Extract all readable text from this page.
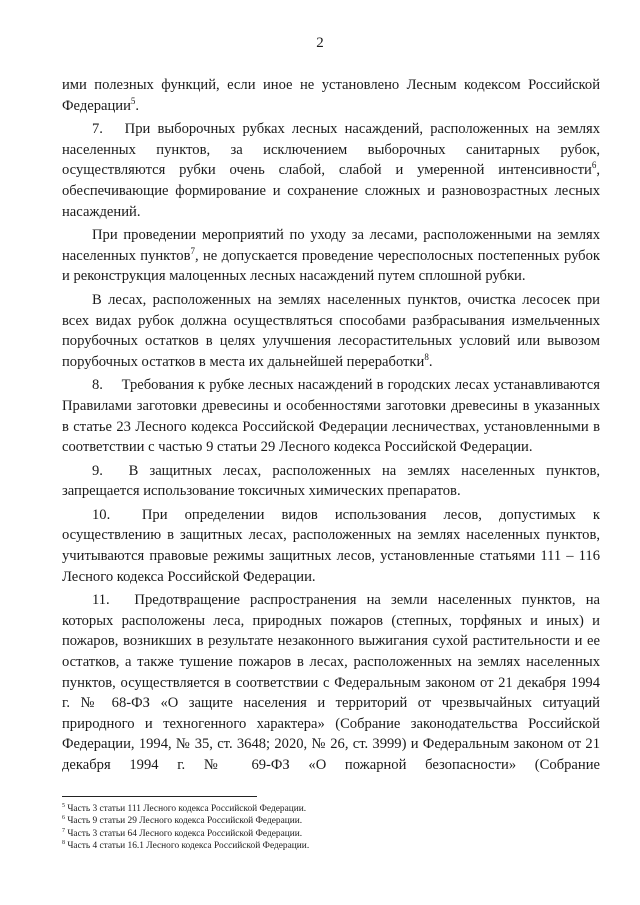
2

ими полезных функций, если иное не установлено Лесным кодексом Российской Федерации$^5$.

7.  При выборочных рубках лесных насаждений, расположенных на землях населенных пунктов, за исключением выборочных санитарных рубок, осуществляются рубки очень слабой, слабой и умеренной интенсивности$^6$, обеспечивающие формирование и сохранение сложных и разновозрастных лесных насаждений.

При проведении мероприятий по уходу за лесами, расположенными на землях населенных пунктов$^7$, не допускается проведение чересполосных постепенных рубок и реконструкция малоценных лесных насаждений путем сплошной рубки.

В лесах, расположенных на землях населенных пунктов, очистка лесосек при всех видах рубок должна осуществляться способами разбрасывания измельченных порубочных остатков в целях улучшения лесорастительных условий или вывозом порубочных остатков в места их дальнейшей переработки$^8$.

8.  Требования к рубке лесных насаждений в городских лесах устанавливаются Правилами заготовки древесины и особенностями заготовки древесины в указанных в статье 23 Лесного кодекса Российской Федерации лесничествах, установленными в соответствии с частью 9 статьи 29 Лесного кодекса Российской Федерации.

9.  В защитных лесах, расположенных на землях населенных пунктов, запрещается использование токсичных химических препаратов.

10.  При определении видов использования лесов, допустимых к осуществлению в защитных лесах, расположенных на землях населенных пунктов, учитываются правовые режимы защитных лесов, установленные статьями 111 – 116 Лесного кодекса Российской Федерации.

11.  Предотвращение распространения на земли населенных пунктов, на которых расположены леса, природных пожаров (степных, торфяных и иных) и пожаров, возникших в результате незаконного выжигания сухой растительности и ее остатков, а также тушение пожаров в лесах, расположенных на землях населенных пунктов, осуществляется в соответствии с Федеральным законом от 21 декабря 1994 г. № 68-ФЗ «О защите населения и территорий от чрезвычайных ситуаций природного и техногенного характера» (Собрание законодательства Российской Федерации, 1994, № 35, ст. 3648; 2020, № 26, ст. 3999) и Федеральным законом от 21 декабря 1994 г. № 69-ФЗ «О пожарной безопасности» (Собрание

$^5$ Часть 3 статьи 111 Лесного кодекса Российской Федерации.

$^6$ Часть 9 статьи 29 Лесного кодекса Российской Федерации.

$^7$ Часть 3 статьи 64 Лесного кодекса Российской Федерации.

$^8$ Часть 4 статьи 16.1 Лесного кодекса Российской Федерации.
